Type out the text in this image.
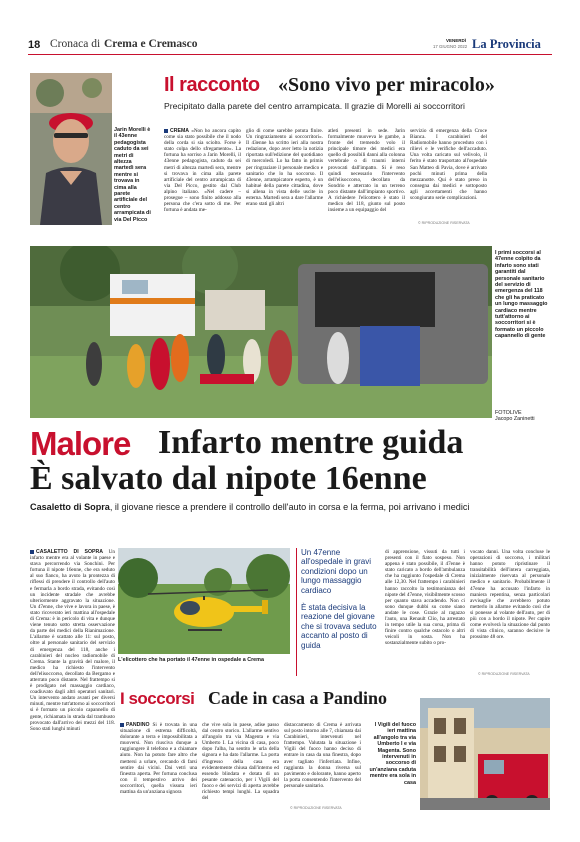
18 Cronaca di Crema e Cremasco	VENERDÌ
17 GIUGNO 2022 La Provincia
Jarin Morelli è il 43enne pedagogista caduto da sei metri di altezza martedì sera mentre si trovava in cima alla parete artificiale del centro arrampicata di via Del Picco
Il racconto «Sono vivo per miracolo»
Precipitato dalla parete del centro arrampicata. Il grazie di Morelli ai soccorritori
CREMA «Non ho ancora capito come sia stato possibile che il nodo della corda si sia sciolto. Forse è stato colpa dello sfregamento». La fortuna ha sorriso a Jarin Morelli, il 43enne pedagogista, caduto da sei metri di altezza martedì sera, mentre si trovava in cima alla parete artificiale del centro arrampicata di via Del Picco, gestito dal Club alpino italiano. «Nel cadere – prosegue – sono finito addosso alla persona che c'era sotto di me. Per fortuna è andata me-
glio di come sarebbe potuta finire. Un ringraziamento ai soccorritori». Il 43enne ha scritto ieri alla nostra redazione, dopo aver letto la notizia riportata sull'edizione del quotidiano di mercoledì. Lo ha fatto in primis per ringraziare il personale medico e sanitario che lo ha soccorso. Il 43enne, arrampicatore esperto, è un habitué della parete cittadina, dove si allena in vista delle uscite in esterna. Martedì sera a dare l'allarme erano stati gli altri
atleti presenti in sede. Jarin formalmente muoveva le gambe, a fronte del tremendo volo il principale timore dei medici era quello di possibili danni alla colonna vertebrale o di traumi interni provocati dall'impatto. Si è reso quindi necessario l'intervento dell'elisoccorso, decollato da Sondrio e atterrato in un terreno poco distante dall'impianto sportivo. A richiedere l'elicottero è stato il medico del 118, giunto sul posto insieme a un equipaggio del
servizio di emergenza della Croce Bianca. I carabinieri del Radiomobile hanno proceduto con i rilievi e le verifiche dell'accaduto. Una volta caricato sul velivolo, il ferito è stato trasportato all'ospedale San Matteo di Pavia, dove è arrivato pochi minuti prima della mezzanotte. Qui è stato preso in consegna dai medici e sottoposto agli accertamenti che hanno scongiurato serie complicazioni.
© RIPRODUZIONE RISERVATA
I primi soccorsi al 47enne colpito da infarto sono stati garantiti dal personale sanitario del servizio di emergenza del 118 che gli ha praticato un lungo massaggio cardiaco mentre tutt'attorno ai soccorritori si è formato un piccolo capannello di gente
FOTOLIVE
Jacopo Zaninetti
Malore Infarto mentre guida
È salvato dal nipote 16enne
Casaletto di Sopra, il giovane riesce a prendere il controllo dell'auto in corsa e la ferma, poi arrivano i medici
CASALETTO DI SOPRA Un infarto mentre era al volante in paese e stava percorrendo via Sonchini. Per fortuna il nipote 16enne, che era seduto al suo fianco, ha avuto la prontezza di riflessi di prendere il controllo dell'auto e fermarla a bordo strada, evitando così un incidente stradale che avrebbe ulteriormente aggravato la situazione. Un 47enne, che vive e lavora in paese, è stato ricoverato ieri mattina all'ospedale di Crema: è in pericolo di vita e dunque viene tenuto sotto stretta osservazione da parte dei medici della Rianimazione. L'allarme è scattato alle 11: sul posto, oltre al personale sanitario del servizio di emergenza del 118, anche i carabinieri del nucleo radiomobile di Crema. Stante la gravità del malore, il medico ha richiesto l'intervento dell'elisoccorso, decollato da Bergamo e atterrato poco distante. Nel frattempo si è prodigato nel massaggio cardiaco, coadiuvato dagli altri operatori sanitari. Un intervento andato avanti per diversi minuti, mentre tutt'attorno ai soccorritori si è formato un piccolo capannello di gente, richiamata in strada dal trambusto provocato dall'arrivo dei mezzi del 118. Sono stati lunghi minuti
L'elicottero che ha portato il 47enne in ospedale a Crema
Un 47enne all'ospedale in gravi condizioni dopo un lungo massaggio cardiaco
È stata decisiva la reazione del giovane che si trovava seduto accanto al posto di guida
di apprensione, vissuti da tutti i presenti con il fiato sospeso. Non appena è stato possibile, il 47enne è stato caricato a bordo dell'ambulanza che ha raggiunto l'ospedale di Crema alle 12,30. Nel frattempo i carabinieri hanno raccolto la testimonianza del nipote del 47enne, visibilmente scosso per quanto stava accadendo. Non ci sono dunque dubbi su come siano andate le cose. Grazie al ragazzo l'auto, una Renault Clio, ha arrestato in tempo utile la sua corsa, prima di finire contro qualche ostacolo o altri veicoli in sosta. Non ha sostanzialmente subito o pro-
vocato danni. Una volta concluse le operazioni di soccorso, i militari hanno potuto ripristinare il transitabilità dell'intera carreggiata, inizialmente riservata al personale medico e sanitario. Probabilmente il 47enne ha accusato l'infarto in maniera repentina, senza particolari avvisaglie che avrebbero potuto metterlo in allarme evitando così che si ponesse al volante dell'auto, per di più con a bordo il nipote. Per capire come evolverà la situazione dal punto di vista clinico, saranno decisive le prossime 48 ore.
© RIPRODUZIONE RISERVATA
I soccorsi Cade in casa a Pandino
PANDINO Si è trovata in una situazione di estrema difficoltà, dolorante a terra e impossibilitata a muoversi. Non riusciva dunque a raggiungere il telefono e a chiamare aiuto. Non ha potuto fare altro che mettersi a urlare, cercando di farsi sentire dai vicini. Dai vetri una finestra aperta. Per fortuna conclusa con il tempestivo arrivo dei soccorritori, quella vissuta ieri mattina da un'anziana signora
che vive sola in paese, adise passo dal centro storico. L'allarme sentivo all'angolo tra via Magenta e via Umberto I. La vicina di casa, poco dopo l'alba, ha sentito le urla della signora e ha dato l'allarme. La porta d'ingresso della casa era evidentemente chiusa dall'interno ed essendo blindata e dotata di un pesante catenaccio, per i Vigili del fuoco e dei servizi di aperta avrebbe richiesto tempi lunghi. La squadra del
distaccamento di Crema è arrivata sul posto intorno alle 7, chiamata dai Carabinieri, intervenuti nel frattempo. Valutata la situazione i Vigili del fuoco hanno deciso di entrare in casa da una finestra, dopo aver tagliato l'inferriata. Infine, raggiunta la donna riversa sul pavimento e dolorante, hanno aperto la porta consentendo l'intervento del personale sanitario.
© RIPRODUZIONE RISERVATA
I Vigili del fuoco ieri mattina all'angolo tra via Umberto I e via Magenta. Sono intervenuti in soccorso di un'anziana caduta mentre era sola in casa
